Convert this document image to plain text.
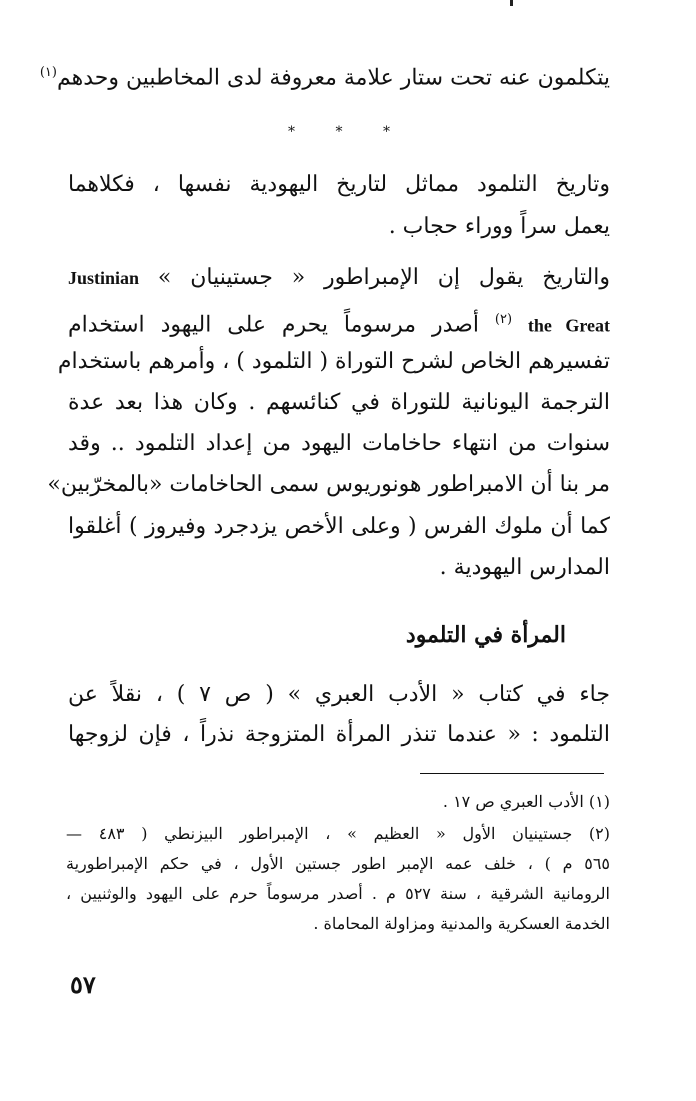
يتكلمون عنه تحت ستار علامة معروفة لدى المخاطبين وحدهم$^{(١)}$
* * *
وتاريخ التلمود مماثل لتاريخ اليهودية نفسها ، فكلاهما
يعمل سراً ووراء حجاب .
والتاريخ يقول إن الإمبراطور « جستينيان » Justinian
the Great $^{(٢)}$ أصدر مرسوماً يحرم على اليهود استخدام
تفسيرهم الخاص لشرح التوراة ( التلمود ) ، وأمرهم باستخدام
الترجمة اليونانية للتوراة في كنائسهم . وكان هذا بعد عدة
سنوات من انتهاء حاخامات اليهود من إعداد التلمود .. وقد
مر بنا أن الامبراطور هونوريوس سمى الحاخامات «بالمخرّبين»
كما أن ملوك الفرس ( وعلى الأخص يزدجرد وفيروز ) أغلقوا
المدارس اليهودية .
المرأة في التلمود
جاء في كتاب « الأدب العبري » ( ص ٧ ) ، نقلاً عن
التلمود : « عندما تنذر المرأة المتزوجة نذراً ، فإن لزوجها
(١) الأدب العبري ص ١٧ .
(٢) جستينيان الأول « العظيم » ، الإمبراطور البيزنطي ( ٤٨٣ —
٥٦٥ م ) ، خلف عمه الإمبر اطور جستين الأول ، في حكم الإمبراطورية
الرومانية الشرقية ، سنة ٥٢٧ م . أصدر مرسوماً حرم على اليهود والوثنيين ،
الخدمة العسكرية والمدنية ومزاولة المحاماة .
٥٧
